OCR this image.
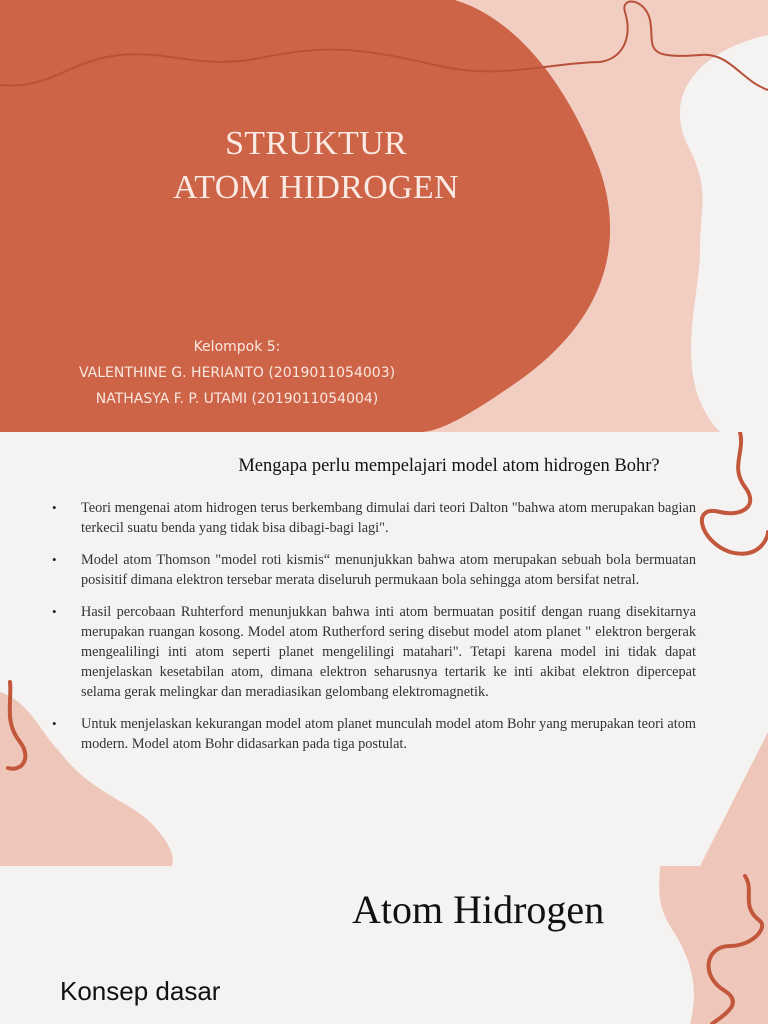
STRUKTUR
ATOM HIDROGEN
Kelompok 5:
VALENTHINE G. HERIANTO (2019011054003)
NATHASYA F. P. UTAMI (2019011054004)
Mengapa perlu mempelajari model atom hidrogen Bohr?
• Teori mengenai atom hidrogen terus berkembang dimulai dari teori Dalton "bahwa atom merupakan bagian terkecil suatu benda yang tidak bisa dibagi-bagi lagi".
• Model atom Thomson "model roti kismis“ menunjukkan bahwa atom merupakan sebuah bola bermuatan posisitif dimana elektron tersebar merata diseluruh permukaan bola sehingga atom bersifat netral.
• Hasil percobaan Ruhterford menunjukkan bahwa inti atom bermuatan positif dengan ruang disekitarnya merupakan ruangan kosong. Model atom Rutherford sering disebut model atom planet " elektron bergerak mengealilingi inti atom seperti planet mengelilingi matahari". Tetapi karena model ini tidak dapat menjelaskan kesetabilan atom, dimana elektron seharusnya tertarik ke inti akibat elektron dipercepat selama gerak melingkar dan meradiasikan gelombang elektromagnetik.
• Untuk menjelaskan kekurangan model atom planet munculah model atom Bohr yang merupakan teori atom modern. Model atom Bohr didasarkan pada tiga postulat.
Atom Hidrogen
Konsep dasar
